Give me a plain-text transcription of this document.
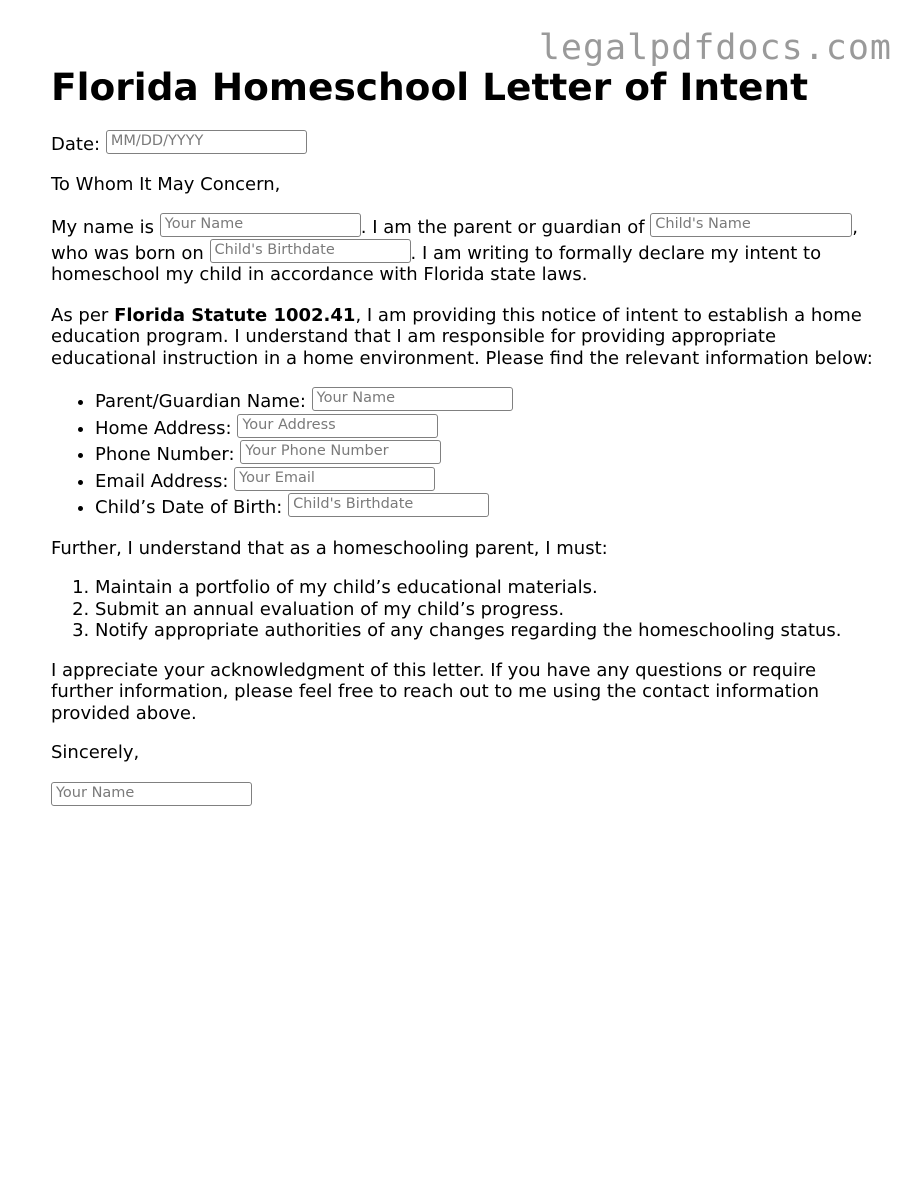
legalpdfdocs.com
Florida Homeschool Letter of Intent

Date: MM/DD/YYYY

To Whom It May Concern,

My name is Your Name	. I am the parent or guardian of Child's Name	,
who was born on Child's Birthdate	. I am writing to formally declare my intent to homeschool my child in accordance with Florida state laws.

As per Florida Statute 1002.41, I am providing this notice of intent to establish a home education program. I understand that I am responsible for providing appropriate educational instruction in a home environment. Please find the relevant information below:

• Parent/Guardian Name: Your Name
• Home Address: Your Address
• Phone Number: Your Phone Number
• Email Address: Your Email
• Child’s Date of Birth: Child's Birthdate

Further, I understand that as a homeschooling parent, I must:

1. Maintain a portfolio of my child’s educational materials.
2. Submit an annual evaluation of my child’s progress.
3. Notify appropriate authorities of any changes regarding the homeschooling status.

I appreciate your acknowledgment of this letter. If you have any questions or require further information, please feel free to reach out to me using the contact information provided above.

Sincerely,

Your Name
